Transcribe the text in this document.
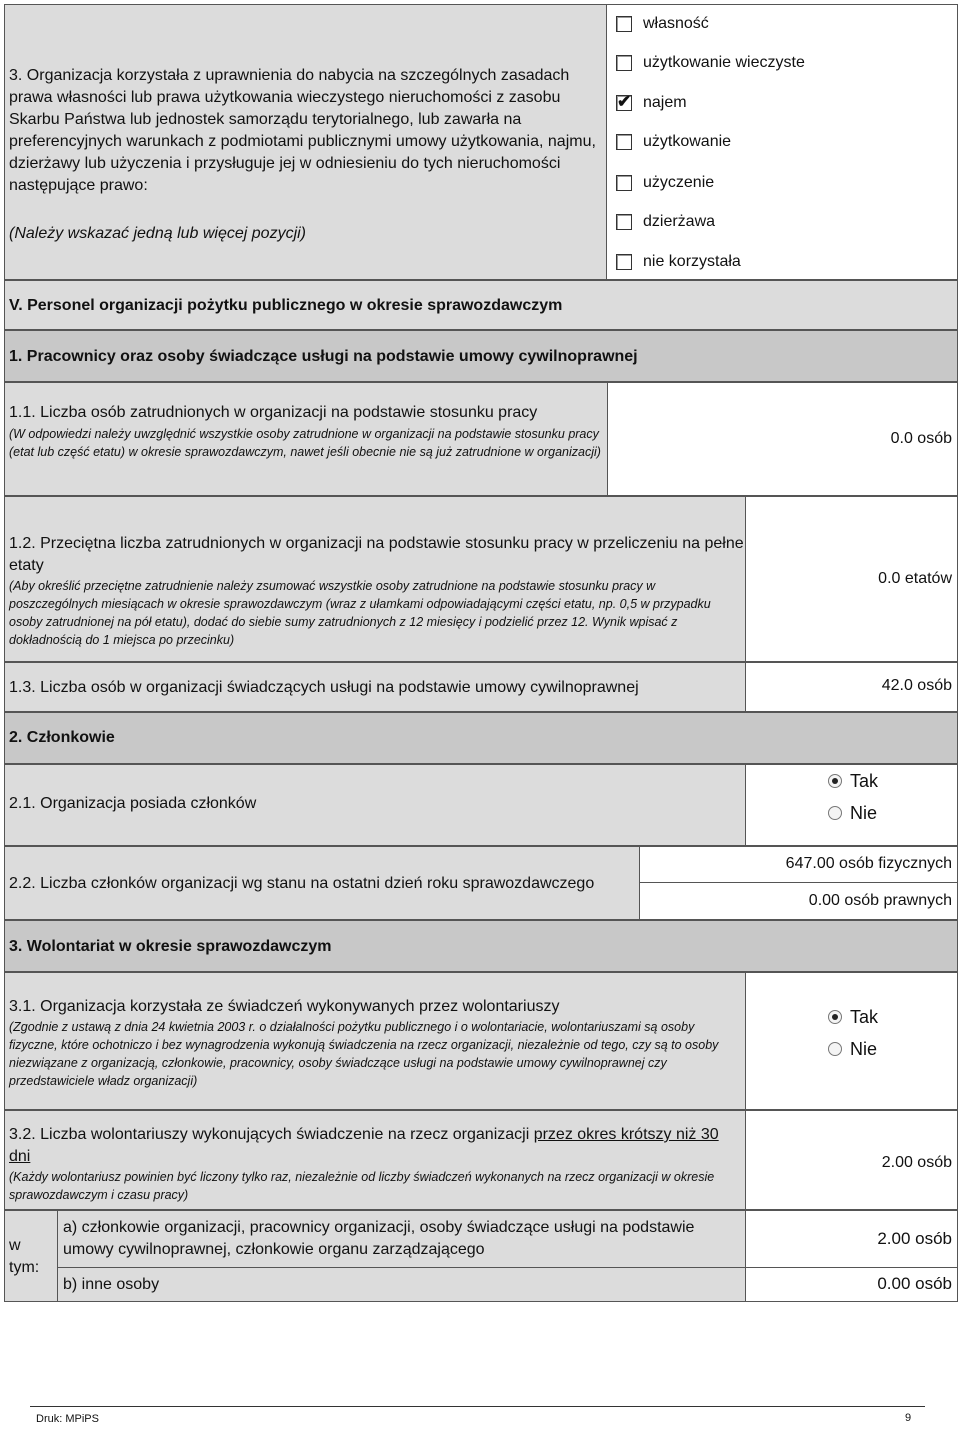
3. Organizacja korzystała z uprawnienia do nabycia na szczególnych zasadach prawa własności lub prawa użytkowania wieczystego nieruchomości z zasobu Skarbu Państwa lub jednostek samorządu terytorialnego, lub zawarła na preferencyjnych warunkach z podmiotami publicznymi umowy użytkowania, najmu, dzierżawy lub użyczenia i przysługuje jej w odniesieniu do tych nieruchomości następujące prawo:
(Należy wskazać jedną lub więcej pozycji)
własność
użytkowanie wieczyste
✔ najem
użytkowanie
użyczenie
dzierżawa
nie korzystała
V. Personel organizacji pożytku publicznego w okresie sprawozdawczym
1. Pracownicy oraz osoby świadczące usługi na podstawie umowy cywilnoprawnej
1.1. Liczba osób zatrudnionych w organizacji na podstawie stosunku pracy
(W odpowiedzi należy uwzględnić wszystkie osoby zatrudnione w organizacji na podstawie stosunku pracy (etat lub część etatu) w okresie sprawozdawczym, nawet jeśli obecnie nie są już zatrudnione w organizacji)
0.0 osób
1.2. Przeciętna liczba zatrudnionych w organizacji na podstawie stosunku pracy w przeliczeniu na pełne etaty
(Aby określić przeciętne zatrudnienie należy zsumować wszystkie osoby zatrudnione na podstawie stosunku pracy w poszczególnych miesiącach w okresie sprawozdawczym (wraz z ułamkami odpowiadającymi części etatu, np. 0,5 w przypadku osoby zatrudnionej na pół etatu), dodać do siebie sumy zatrudnionych z 12 miesięcy i podzielić przez 12. Wynik wpisać z dokładnością do 1 miejsca po przecinku)
0.0 etatów
1.3. Liczba osób w organizacji świadczących usługi na podstawie umowy cywilnoprawnej	42.0 osób
2. Członkowie
2.1. Organizacja posiada członków
Tak
Nie
2.2. Liczba członków organizacji wg stanu na ostatni dzień roku sprawozdawczego
647.00 osób fizycznych
0.00 osób prawnych
3. Wolontariat w okresie sprawozdawczym
3.1. Organizacja korzystała ze świadczeń wykonywanych przez wolontariuszy
(Zgodnie z ustawą z dnia 24 kwietnia 2003 r. o działalności pożytku publicznego i o wolontariacie, wolontariuszami są osoby fizyczne, które ochotniczo i bez wynagrodzenia wykonują świadczenia na rzecz organizacji, niezależnie od tego, czy są to osoby niezwiązane z organizacją, członkowie, pracownicy, osoby świadczące usługi na podstawie umowy cywilnoprawnej czy przedstawiciele władz organizacji)
Tak
Nie
3.2. Liczba wolontariuszy wykonujących świadczenie na rzecz organizacji przez okres krótszy niż 30
dni
(Każdy wolontariusz powinien być liczony tylko raz, niezależnie od liczby świadczeń wykonanych na rzecz organizacji w okresie sprawozdawczym i czasu pracy)
2.00 osób
w tym:
a) członkowie organizacji, pracownicy organizacji, osoby świadczące usługi na podstawie umowy cywilnoprawnej, członkowie organu zarządzającego
2.00 osób
b) inne osoby	0.00 osób
Druk: MPiPS	9
